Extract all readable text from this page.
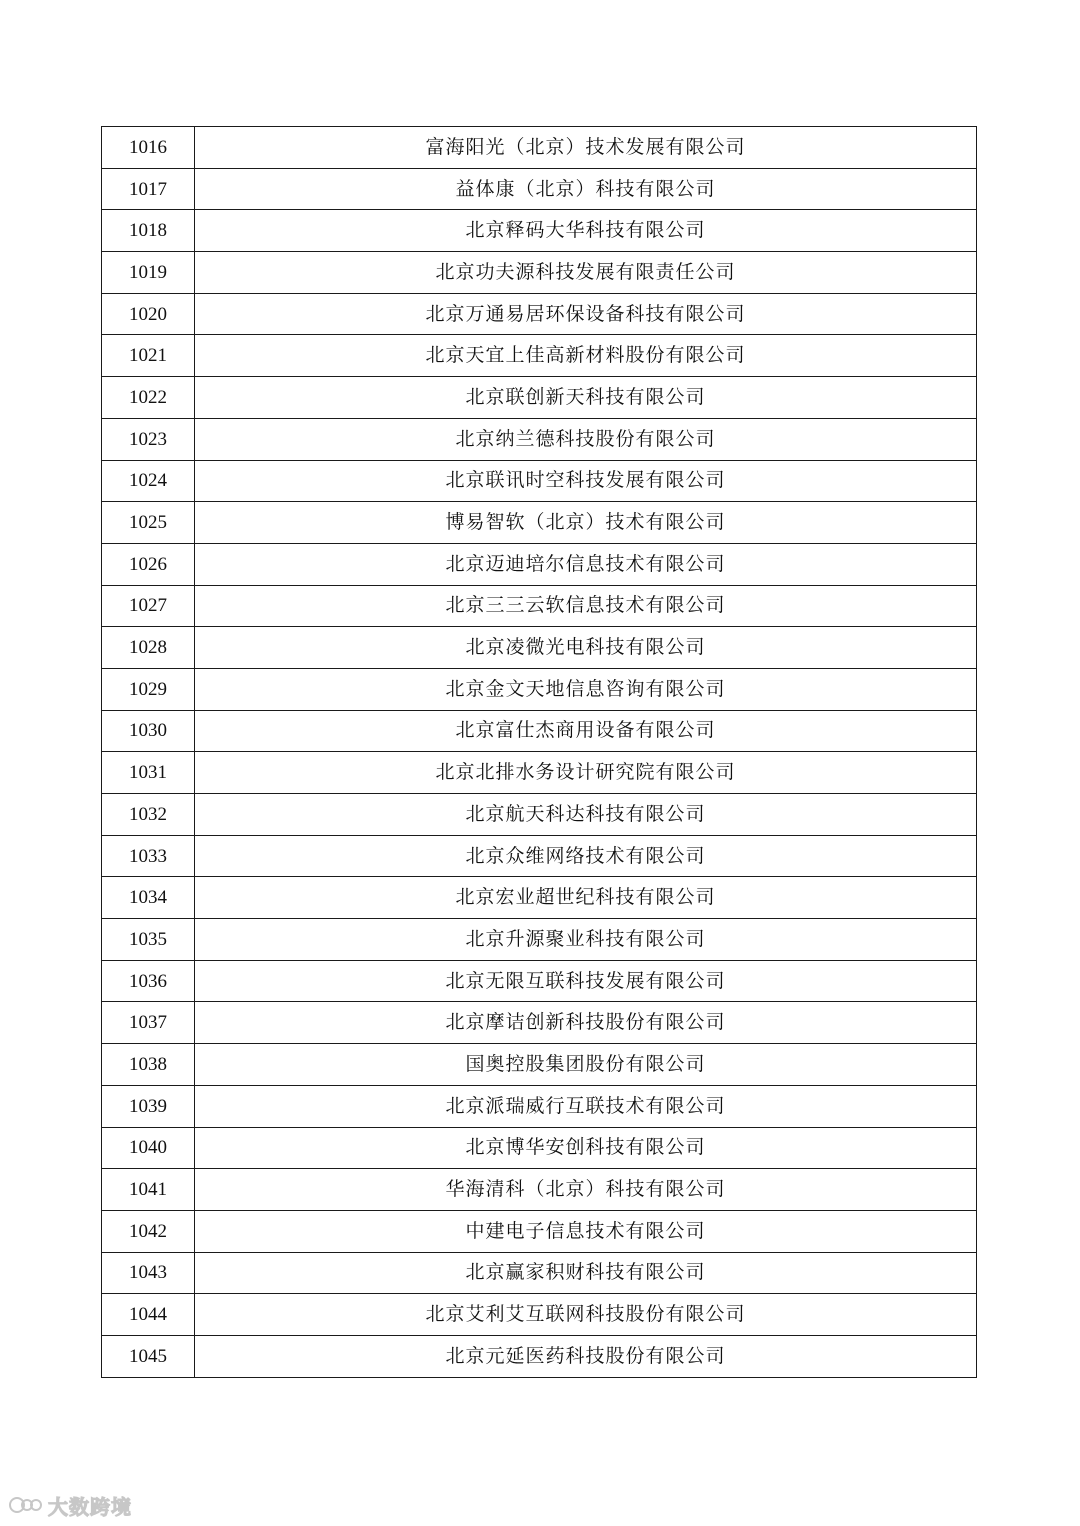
1016	富海阳光（北京）技术发展有限公司
1017	益体康（北京）科技有限公司
1018	北京释码大华科技有限公司
1019	北京功夫源科技发展有限责任公司
1020	北京万通易居环保设备科技有限公司
1021	北京天宜上佳高新材料股份有限公司
1022	北京联创新天科技有限公司
1023	北京纳兰德科技股份有限公司
1024	北京联讯时空科技发展有限公司
1025	博易智软（北京）技术有限公司
1026	北京迈迪培尔信息技术有限公司
1027	北京三三云软信息技术有限公司
1028	北京凌微光电科技有限公司
1029	北京金文天地信息咨询有限公司
1030	北京富仕杰商用设备有限公司
1031	北京北排水务设计研究院有限公司
1032	北京航天科达科技有限公司
1033	北京众维网络技术有限公司
1034	北京宏业超世纪科技有限公司
1035	北京升源聚业科技有限公司
1036	北京无限互联科技发展有限公司
1037	北京摩诘创新科技股份有限公司
1038	国奥控股集团股份有限公司
1039	北京派瑞威行互联技术有限公司
1040	北京博华安创科技有限公司
1041	华海清科（北京）科技有限公司
1042	中建电子信息技术有限公司
1043	北京赢家积财科技有限公司
1044	北京艾利艾互联网科技股份有限公司
1045	北京元延医药科技股份有限公司
大数跨境
